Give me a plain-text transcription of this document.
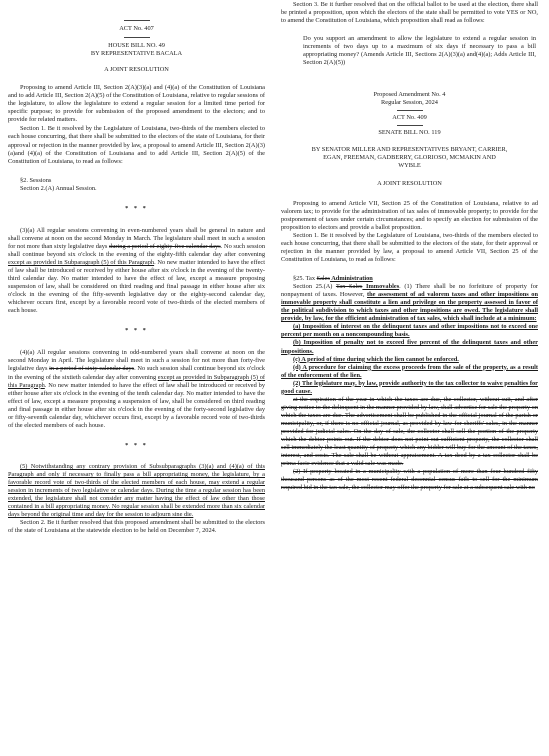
ACT No. 407

HOUSE BILL NO. 49

BY REPRESENTATIVE BACALA

A JOINT RESOLUTION

Proposing to amend Article III, Section 2(A)(3)(a) and (4)(a) of the Constitution of Louisiana and to add Article III, Section 2(A)(5) of the Constitution of Louisiana, relative to regular sessions of the legislature, to allow the legislature to extend a regular session for a limited time period for specific purpose; to provide for submission of the proposed amendment to the electors; and to provide for related matters.

Section 1. Be it resolved by the Legislature of Louisiana, two-thirds of the members elected to each house concurring, that there shall be submitted to the electors of the state of Louisiana, for their approval or rejection in the manner provided by law, a proposal to amend Article III, Section 2(A)(3)(a)and (4)(a) of the Constitution of Louisiana and to add Article III, Section 2(A)(5) of the Constitution of Louisiana, to read as follows:

§2. Sessions

Section 2.(A) Annual Session.

* * *

(3)(a) All regular sessions convening in even-numbered years shall be general in nature and shall convene at noon on the second Monday in March. The legislature shall meet in such a session for not more than sixty legislative days during a period of eighty-five calendar days. No such session shall continue beyond six o'clock in the evening of the eighty-fifth calendar day after convening except as provided in Subparagraph (5) of this Paragraph. No new matter intended to have the effect of law shall be introduced or received by either house after six o'clock in the evening of the twenty-third calendar day. No matter intended to have the effect of law, except a measure proposing suspension of law, shall be considered on third reading and final passage in either house after six o'clock in the evening of the fifty-seventh legislative day or the eighty-second calendar day, whichever occurs first, except by a favorable record vote of two-thirds of the elected members of each house.

* * *

(4)(a) All regular sessions convening in odd-numbered years shall convene at noon on the second Monday in April. The legislature shall meet in such a session for not more than forty-five legislative days in a period of sixty calendar days. No such session shall continue beyond six o'clock in the evening of the sixtieth calendar day after convening except as provided in Subparagraph (5) of this Paragraph. No new matter intended to have the effect of law shall be introduced or received by either house after six o'clock in the evening of the tenth calendar day. No matter intended to have the effect of law, except a measure proposing a suspension of law, shall be considered on third reading and final passage in either house after six o'clock in the evening of the forty-second legislative day or fifty-seventh calendar day, whichever occurs first, except by a favorable record vote of two-thirds of the elected members of each house.

* * *

(5) Notwithstanding any contrary provision of Subsubparagraphs (3)(a) and (4)(a) of this Paragraph and only if necessary to finally pass a bill appropriating money, the legislature, by a favorable record vote of two-thirds of the elected members of each house, may extend a regular session in increments of two legislative or calendar days. During the time a regular session has been extended, the legislature shall not consider any matter having the effect of law other than those contained in a bill appropriating money. No regular session shall be extended more than six calendar days beyond the original time and day for the session to adjourn sine die.

Section 2. Be it further resolved that this proposed amendment shall be submitted to the electors of the state of Louisiana at the statewide election to be held on December 7, 2024.

Section 3. Be it further resolved that on the official ballot to be used at the election, there shall be printed a proposition, upon which the electors of the state shall be permitted to vote YES or NO, to amend the Constitution of Louisiana, which proposition shall read as follows:

Do you support an amendment to allow the legislature to extend a regular session in increments of two days up to a maximum of six days if necessary to pass a bill appropriating money? (Amends Article III, Sections 2(A)(3)(a) and(4)(a); Adds Article III, Section 2(A)(5))

Proposed Amendment No. 4

Regular Session, 2024

ACT No. 409

SENATE BILL NO. 119

BY SENATOR MILLER AND REPRESENTATIVES BRYANT, CARRIER,

EGAN, FREEMAN, GADBERRY, GLORIOSO, MCMAKIN AND

WYBLE

A JOINT RESOLUTION

Proposing to amend Article VII, Section 25 of the Constitution of Louisiana, relative to ad valorem tax; to provide for the administration of tax sales of immovable property; to provide for the postponement of taxes under certain circumstances; and to specify an election for submission of the proposition to electors and provide a ballot proposition.

Section 1. Be it resolved by the Legislature of Louisiana, two-thirds of the members elected to each house concurring, that there shall be submitted to the electors of the state, for their approval or rejection in the manner provided by law, a proposal to amend Article VII, Section 25 of the Constitution of Louisiana, to read as follows:

§25. Tax Sales Administration

Section 25.(A) Tax Sales Immovables. (1) There shall be no forfeiture of property for nonpayment of taxes. However, the assessment of ad valorem taxes and other impositions on immovable property shall constitute a lien and privilege on the property assessed in favor of the political subdivision to which taxes and other impositions are owed. The legislature shall provide, by law, for the efficient administration of tax sales, which shall include at a minimum:

(a) Imposition of interest on the delinquent taxes and other impositions not to exceed one percent per month on a noncompounding basis.

(b) Imposition of penalty not to exceed five percent of the delinquent taxes and other impositions.

(c) A period of time during which the lien cannot be enforced.

(d) A procedure for claiming the excess proceeds from the sale of the property, as a result of the enforcement of the lien.

(2) The legislature may, by law, provide authority to the tax collector to waive penalties for good cause.

at the expiration of the year in which the taxes are due, the collector, without suit, and after giving notice to the delinquent in the manner provided by law, shall advertise for sale the property on which the taxes are due. The advertisement shall be published in the official journal of the parish or municipality, or, if there is no official journal, as provided by law for sheriffs' sales, in the manner provided for judicial sales. On the day of sale, the collector shall sell the portion of the property which the debtor points out. If the debtor does not point out sufficient property, the collector shall sell immediately the least quantity of property which any bidder will buy for the amount of the taxes, interest, and costs. The sale shall be without appraisement. A tax deed by a tax collector shall be prima facie evidence that a valid sale was made.

(2) If property located in a municipality with a population of more than four hundred fifty thousand persons as of the most recent federal decennial census fails to sell for the minimum required bid in the tax sale, the collector may offer the property for sale at a subsequent sale with no
